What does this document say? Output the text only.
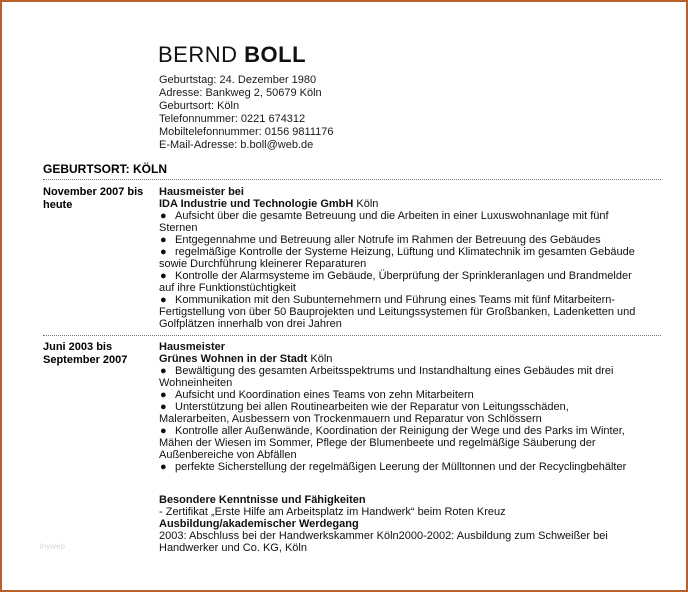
BERND BOLL
Geburtstag: 24. Dezember 1980
Adresse: Bankweg 2, 50679 Köln
Geburtsort: Köln
Telefonnummer: 0221 674312
Mobiltelefonnummer: 0156 9811176
E-Mail-Adresse: b.boll@web.de
GEBURTSORT: KÖLN
November 2007 bis
heute
Hausmeister bei
IDA Industrie und Technologie GmbH Köln
● Aufsicht über die gesamte Betreuung und die Arbeiten in einer Luxuswohnanlage mit fünf Sternen
● Entgegennahme und Betreuung aller Notrufe im Rahmen der Betreuung des Gebäudes
● regelmäßige Kontrolle der Systeme Heizung, Lüftung und Klimatechnik im gesamten Gebäude sowie Durchführung kleinerer Reparaturen
● Kontrolle der Alarmsysteme im Gebäude, Überprüfung der Sprinkleranlagen und Brandmelder auf ihre Funktionstüchtigkeit
● Kommunikation mit den Subunternehmern und Führung eines Teams mit fünf Mitarbeitern- Fertigstellung von über 50 Bauprojekten und Leitungssystemen für Großbanken, Ladenketten und Golfplätzen innerhalb von drei Jahren
Juni 2003 bis
September 2007
Hausmeister
Grünes Wohnen in der Stadt Köln
● Bewältigung des gesamten Arbeitsspektrums und Instandhaltung eines Gebäudes mit drei Wohneinheiten
● Aufsicht und Koordination eines Teams von zehn Mitarbeitern
● Unterstützung bei allen Routinearbeiten wie der Reparatur von Leitungsschäden, Malerarbeiten, Ausbessern von Trockenmauern und Reparatur von Schlössern
● Kontrolle aller Außenwände, Koordination der Reinigung der Wege und des Parks im Winter, Mähen der Wiesen im Sommer, Pflege der Blumenbeete und regelmäßige Säuberung der Außenbereiche von Abfällen
● perfekte Sicherstellung der regelmäßigen Leerung der Mülltonnen und der Recyclingbehälter
Besondere Kenntnisse und Fähigkeiten
- Zertifikat „Erste Hilfe am Arbeitsplatz im Handwerk“ beim Roten Kreuz
Ausbildung/akademischer Werdegang
2003: Abschluss bei der Handwerkskammer Köln2000-2002: Ausbildung zum Schweißer bei Handwerker und Co. KG, Köln
lnyweb
